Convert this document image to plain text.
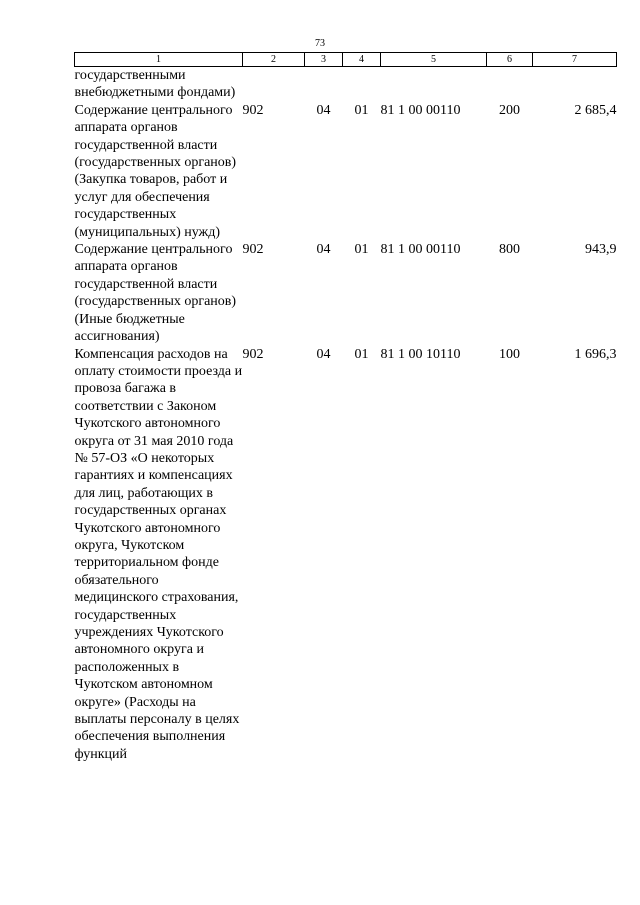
73
1	2	3	4	5	6	7
государственными внебюджетными фондами)						
Содержание центрального аппарата органов государственной власти (государственных органов) (Закупка товаров, работ и услуг для обеспечения государственных (муниципальных) нужд)	902	04	01	81 1 00 00110	200	2 685,4
Содержание центрального аппарата органов государственной власти (государственных органов) (Иные бюджетные ассигнования)	902	04	01	81 1 00 00110	800	943,9
Компенсация расходов на оплату стоимости проезда и провоза багажа в соответствии с Законом Чукотского автономного округа от 31 мая 2010 года № 57-ОЗ «О некоторых гарантиях и компенсациях для лиц, работающих в государственных органах Чукотского автономного округа, Чукотском территориальном фонде обязательного медицинского страхования, государственных учреждениях Чукотского автономного округа и расположенных в Чукотском автономном округе» (Расходы на выплаты персоналу в целях обеспечения выполнения функций	902	04	01	81 1 00 10110	100	1 696,3
